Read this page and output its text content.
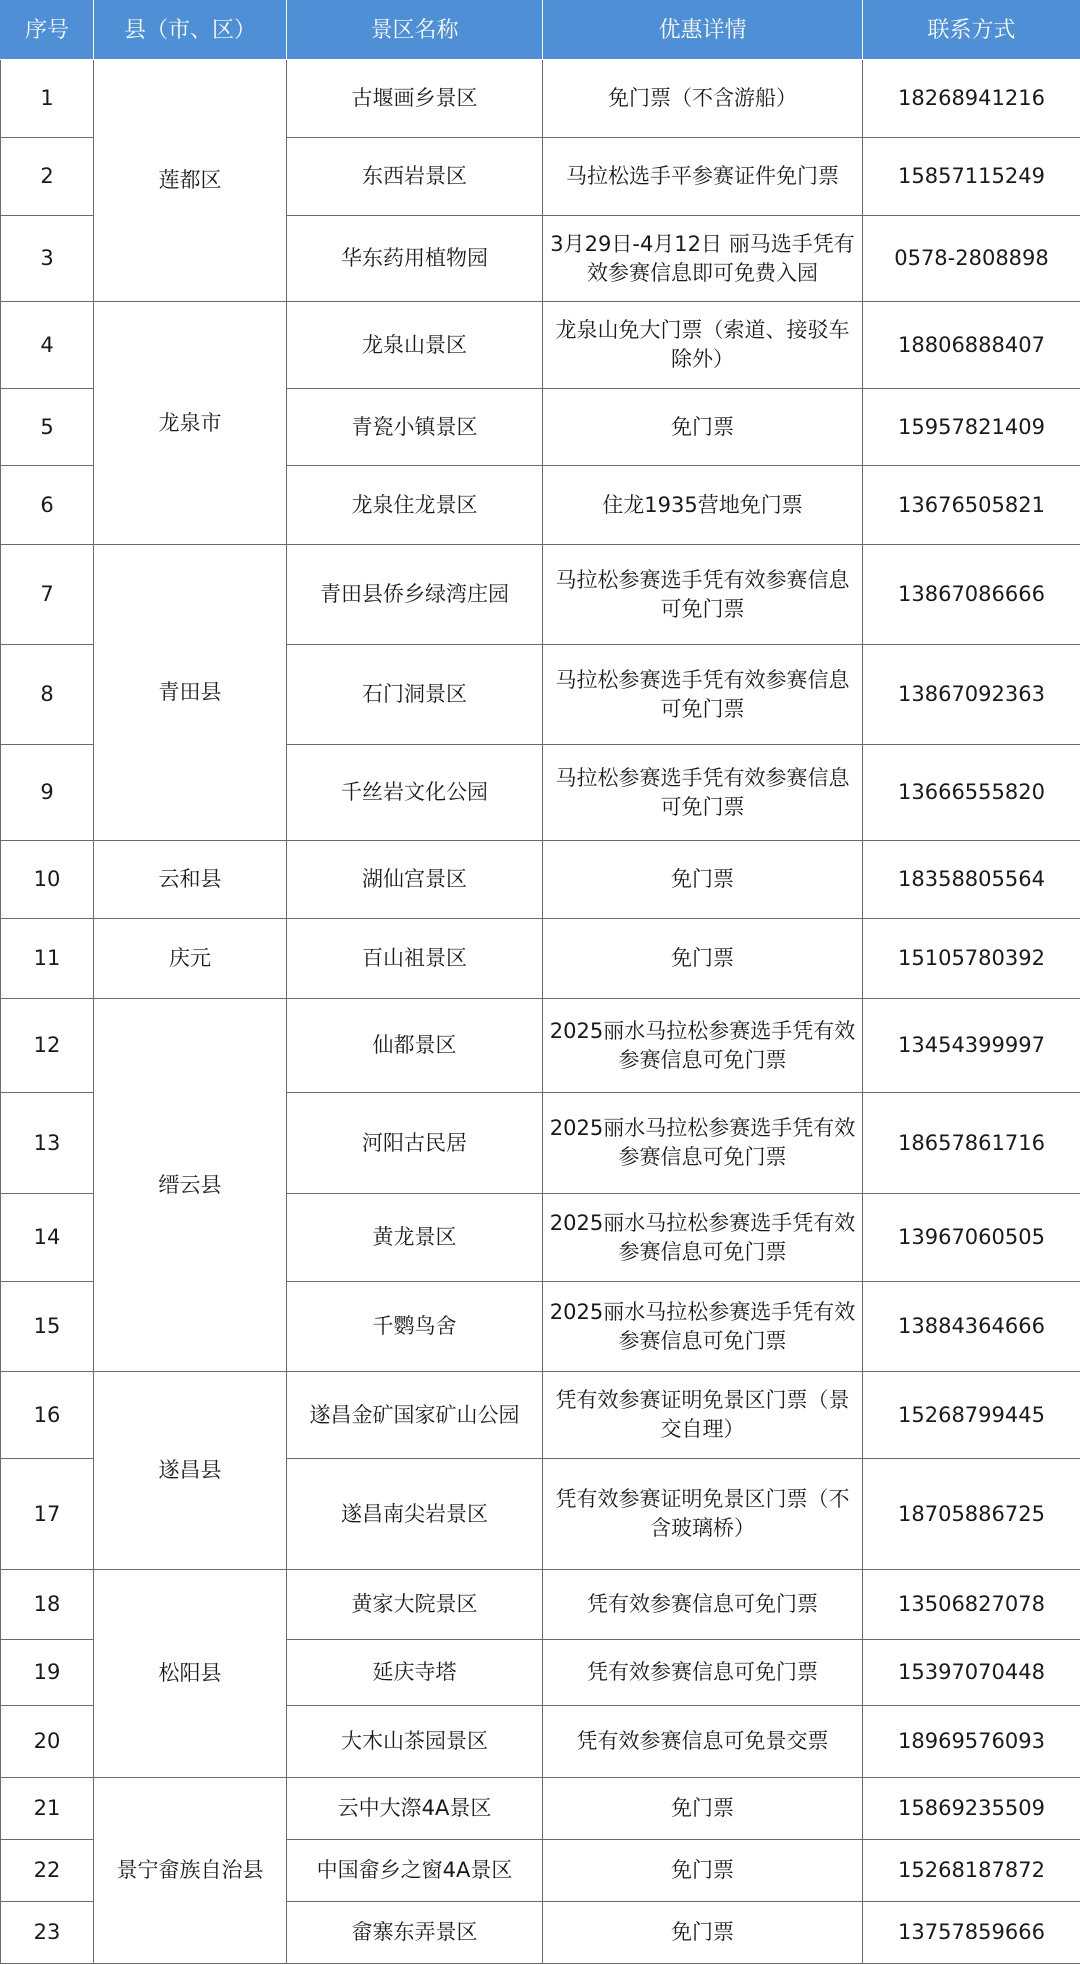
序号	县（市、区）	景区名称	优惠详情	联系方式
1	莲都区	古堰画乡景区	免门票（不含游船）	18268941216
2		东西岩景区	马拉松选手平参赛证件免门票	15857115249
3		华东药用植物园	3月29日-4月12日 丽马选手凭有效参赛信息即可免费入园	0578-2808898
4	龙泉市	龙泉山景区	龙泉山免大门票（索道、接驳车除外）	18806888407
5		青瓷小镇景区	免门票	15957821409
6		龙泉住龙景区	住龙1935营地免门票	13676505821
7	青田县	青田县侨乡绿湾庄园	马拉松参赛选手凭有效参赛信息可免门票	13867086666
8		石门洞景区	马拉松参赛选手凭有效参赛信息可免门票	13867092363
9		千丝岩文化公园	马拉松参赛选手凭有效参赛信息可免门票	13666555820
10	云和县	湖仙宫景区	免门票	18358805564
11	庆元	百山祖景区	免门票	15105780392
12	缙云县	仙都景区	2025丽水马拉松参赛选手凭有效参赛信息可免门票	13454399997
13		河阳古民居	2025丽水马拉松参赛选手凭有效参赛信息可免门票	18657861716
14		黄龙景区	2025丽水马拉松参赛选手凭有效参赛信息可免门票	13967060505
15		千鹦鸟舍	2025丽水马拉松参赛选手凭有效参赛信息可免门票	13884364666
16	遂昌县	遂昌金矿国家矿山公园	凭有效参赛证明免景区门票（景交自理）	15268799445
17		遂昌南尖岩景区	凭有效参赛证明免景区门票（不含玻璃桥）	18705886725
18	松阳县	黄家大院景区	凭有效参赛信息可免门票	13506827078
19		延庆寺塔	凭有效参赛信息可免门票	15397070448
20		大木山茶园景区	凭有效参赛信息可免景交票	18969576093
21	景宁畲族自治县	云中大漈4A景区	免门票	15869235509
22		中国畲乡之窗4A景区	免门票	15268187872
23		畲寨东弄景区	免门票	13757859666
